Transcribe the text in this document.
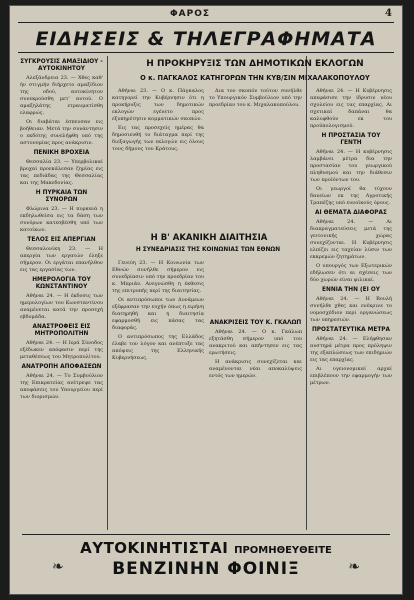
ΦΑΡΟΣ	4
ΕΙΔΗΣΕΙΣ & ΤΗΛΕΓΡΑΦΗΜΑΤΑ
ΣΥΓΚΡΟΥΣΙΣ ΑΜΑΞΙΔΙΟΥ - ΑΥΤΟΚΙΝΗΤΟΥ

Αλεξάνδρεια 23. — Χθες καθ' ήν στιγμήν διήρχετο αμαξίδιον της οδού, αυτοκίνητον συνεκρούσθη μετ' αυτού. Ο αμαξηλάτης ετραυματίσθη ελαφρώς.

Οι διαβάται έσπευσαν εις βοήθειαν. Μετά την συνάντησιν ο εκδότης συνελήφθη υπό της αστυνομίας προς ανάκρισιν.

ΠΕΝΙΚΗ ΒΡΟΧΕΙΑ

Θεσσαλία 23. — Υπερβολικαί βροχαί προεκάλεσαν ζημίας εις τας πεδιάδας της Θεσσαλίας και της Μακεδονίας.

Η ΠΥΡΚΑΙΑ ΤΩΝ ΣΥΝΟΡΩΝ

Φλώρινα 23. — Η πυρκαιά η εκδηλωθείσα εις τα δάση των συνόρων κατεσβέσθη υπό των κατοίκων.

ΤΕΛΟΣ ΕΙΣ ΑΠΕΡΓΙΑΝ

Θεσσαλονίκη 23. — Η απεργία των εργατών έληξε σήμερον. Οι εργάται επανήλθον εις τας εργασίας των.

ΗΜΕΡΟΛΟΓΙΑ ΤΟΥ ΚΩΝΣΤΑΝΤΙΝΟΥ

Αθήναι 24. — Η έκδοσις των ημερολογίων του Κωνσταντίνου αναμένεται κατά την προσεχή εβδομάδα.

ΑΝΑΣΤΡΟΦΕΙΣ ΕΙΣ ΜΗΤΡΟΠΟΛΙΤΗΝ

Αθήναι 24. — Η Ιερά Σύνοδος εξέδωκεν απόφασιν περί της μεταθέσεως του Μητροπολίτου.

ΑΝΑΤΡΟΠΗ ΑΠΟΦΑΣΕΩΝ

Αθήναι 24. — Το Συμβούλιον της Επικρατείας ανέτρεψε τας αποφάσεις του Υπουργείου περί των διορισμών.

Η ΠΡΟΚΗΡΥΞΙΣ ΤΩΝ ΔΗΜΟΤΙΚΩΝ ΕΚΛΟΓΩΝ
Ο κ. ΠΑΓΚΑΛΟΣ ΚΑΤΗΓΟΡΩΝ ΤΗΝ ΚΥΒ/ΣΙΝ ΜΙΧΑΛΑΚΟΠΟΥΛΟΥ

Αθήναι 23. — Ο κ. Πάγκαλος κατηγορεί την Κυβέρνησιν ότι η προκήρυξις των δημοτικών εκλογών εγένετο προς εξυπηρέτησιν κομματικών σκοπών.

Εις τας προσεχείς ημέρας θα δημοσιευθή το διάταγμα περί της διεξαγωγής των εκλογών εις όλους τους δήμους του Κράτους.

Δια τον σκοπόν τούτον συνήλθε το Υπουργικόν Συμβούλιον υπό την προεδρίαν του κ. Μιχαλακοπούλου.

Η Β' ΑΚΑΝΙΚΗ ΔΙΑΙΤΗΣΙΑ
Η ΣΥΝΕΔΡΙΑΣΙΣ ΤΗΣ ΚΟΙΝΩΝΙΑΣ ΤΩΝ ΕΘΝΩΝ

Γενεύη 23. — Η Κοινωνία των Εθνών συνήλθε σήμερον εις συνεδρίασιν υπό την προεδρίαν του κ. Μπριάν. Ανεγνώσθη η έκθεσις της επιτροπής περί της διαιτησίας.

Οι αντιπρόσωποι των Δυνάμεων εξέφρασαν την ευχήν όπως η ειρήνη διατηρηθή και η διαιτησία εφαρμοσθή εις πάσας τας διαφοράς.

Ο αντιπρόσωπος της Ελλάδος έλαβε τον λόγον και ανέπτυξε τας απόψεις της Ελληνικής Κυβερνήσεως.

ΑΝΑΚΡΙΣΕΙΣ ΤΟΥ Κ. ΓΚΑΛΩΠ

Αθήναι 24. — Ο κ. Γκάλωπ εξητάσθη σήμερον υπό του ανακριτού και απήντησεν εις τας ερωτήσεις.

Η ανάκρισις συνεχίζεται και αναμένονται νέαι αποκαλύψεις εντός των ημερών.

Αθήναι 24. — Η Κυβέρνησις απεφάσισε την ίδρυσιν νέου σχολείου εις τας επαρχίας. Αι σχετικαί δαπάναι θα καλυφθούν εκ του προϋπολογισμού.

Η ΠΡΟΣΤΑΣΙΑ ΤΟΥ ΓΕΝΤΗ

Αθήναι 24. — Η κυβέρνησις λαμβάνει μέτρα δια την προστασίαν του γεωργικού πληθυσμού και την διάθεσιν των προϊόντων του.

Οι γεωργοί θα τύχουν δανείων εκ της Αγροτικής Τραπέζης υπό ευνοϊκούς όρους.

ΑΙ ΘΕΜΑΤΑ ΔΙΑΦΟΡΑΣ

Αθήναι 24. — Αι διαπραγματεύσεις μετά της γειτονικής χώρας συνεχίζονται. Η Κυβέρνησις ελπίζει εις ταχείαν λύσιν των εκκρεμών ζητημάτων.

Ο υπουργός των Εξωτερικών εδήλωσεν ότι αι σχέσεις των δύο χωρών είναι φιλικαί.

ΕΝΝΙΑ ΤΗΝ (ΕΙ ΟΥ

Αθήναι 24. — Η Βουλή συνήλθε χθες και ενέκρινε το νομοσχέδιον περί οργανώσεως των υπηρεσιών.

ΠΡΟΣΤΑΤΕΥΤΙΚΑ ΜΕΤΡΑ

Αθήναι 24. — Ελήφθησαν αυστηρά μέτρα προς πρόληψιν της εξαπλώσεως των επιδημιών εις τας επαρχίας.

Αι υγειονομικαί αρχαί επιβλέπουν την εφαρμογήν των μέτρων.

ΑΥΤΟΚΙΝΗΤΙΣΤΑΙ ΠΡΟΜΗΘΕΥΘΕΙΤΕ
❧	ΒΕΝΖΙΝΗΝ ΦΟΙΝΙΞ	❧
